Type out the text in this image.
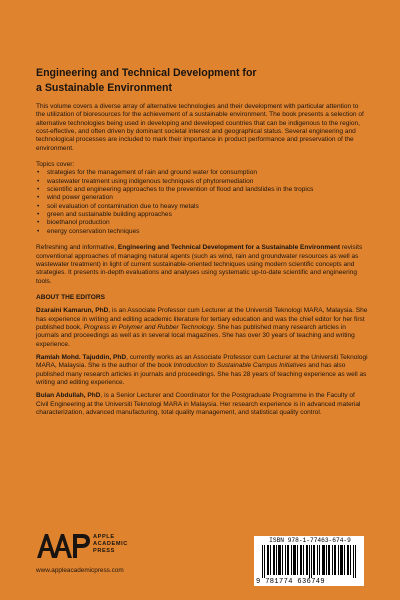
Engineering and Technical Development for
a Sustainable Environment

This volume covers a diverse array of alternative technologies and their development with particular attention to the utilization of bioresources for the achievement of a sustainable environment. The book presents a selection of alternative technologies being used in developing and developed countries that can be indigenous to the region, cost-effective, and often driven by dominant societal interest and geographical status. Several engineering and technological processes are included to mark their importance in product performance and preservation of the environment.

Topics cover:

• strategies for the management of rain and ground water for consumption
• wastewater treatment using indigenous techniques of phytoremediation
• scientific and engineering approaches to the prevention of flood and landslides in the tropics
• wind power generation
• soil evaluation of contamination due to heavy metals
• green and sustainable building approaches
• bioethanol production
• energy conservation techniques

Refreshing and informative, Engineering and Technical Development for a Sustainable Environment revisits conventional approaches of managing natural agents (such as wind, rain and groundwater resources as well as wastewater treatment) in light of current sustainable-oriented techniques using modern scientific concepts and strategies. It presents in-depth evaluations and analyses using systematic up-to-date scientific and engineering tools.

ABOUT THE EDITORS

Dzaraini Kamarun, PhD, is an Associate Professor cum Lecturer at the Universiti Teknologi MARA, Malaysia. She has experience in writing and editing academic literature for tertiary education and was the chief editor for her first published book, Progress in Polymer and Rubber Technology. She has published many research articles in journals and proceedings as well as in several local magazines. She has over 30 years of teaching and writing experience.

Ramlah Mohd. Tajuddin, PhD, currently works as an Associate Professor cum Lecturer at the Universiti Teknologi MARA, Malaysia. She is the author of the book Introduction to Sustainable Campus Initiatives and has also published many research articles in journals and proceedings. She has 28 years of teaching experience as well as writing and editing experience.

Bulan Abdullah, PhD, is a Senior Lecturer and Coordinator for the Postgraduate Programme in the Faculty of Civil Engineering at the Universiti Teknologi MARA in Malaysia. Her research experience is in advanced material characterization, advanced manufacturing, total quality management, and statistical quality control.

APPLE
ACADEMIC
PRESS
www.appleacademicpress.com
ISBN 978-1-77463-674-9
9 781774 636749
